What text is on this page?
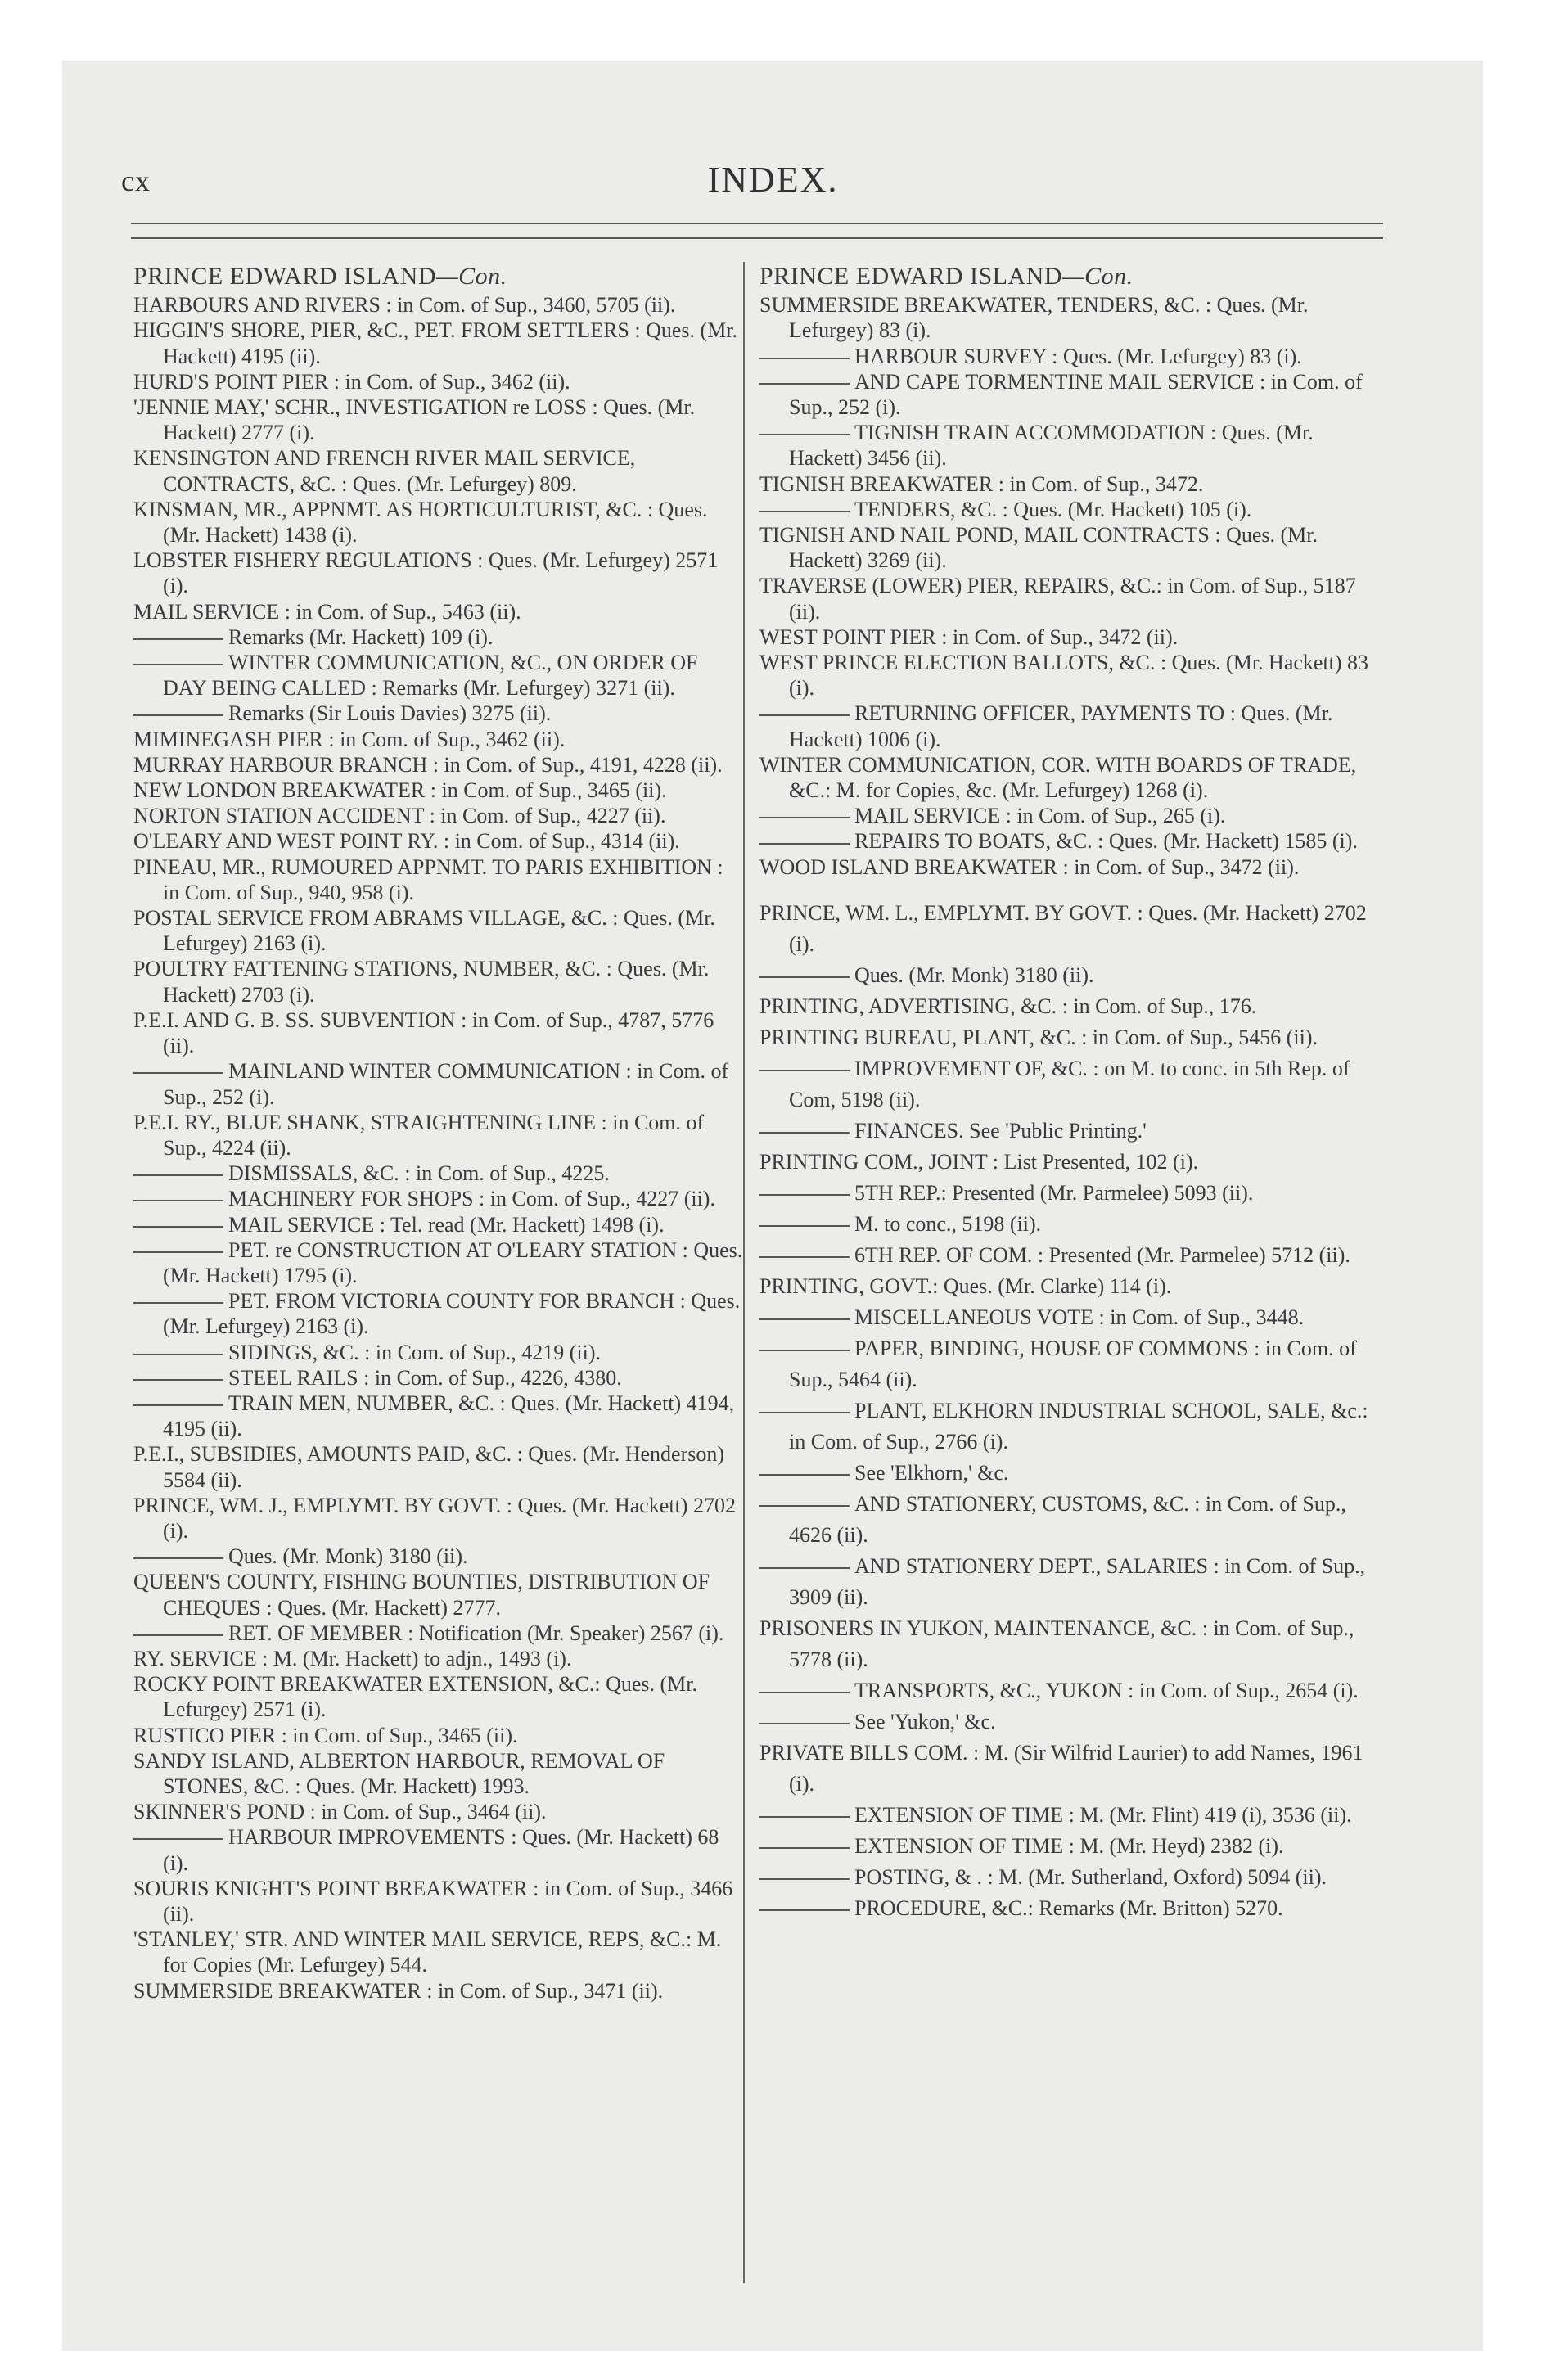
cx	INDEX.
PRINCE EDWARD ISLAND—Con.

HARBOURS AND RIVERS : in Com. of Sup., 3460, 5705 (ii).

HIGGIN'S SHORE, PIER, &C., PET. FROM SETTLERS : Ques. (Mr. Hackett) 4195 (ii).

HURD'S POINT PIER : in Com. of Sup., 3462 (ii).

'JENNIE MAY,' SCHR., INVESTIGATION re LOSS : Ques. (Mr. Hackett) 2777 (i).

KENSINGTON AND FRENCH RIVER MAIL SERVICE, CONTRACTS, &C. : Ques. (Mr. Lefurgey) 809.

KINSMAN, MR., APPNMT. AS HORTICULTURIST, &C. : Ques. (Mr. Hackett) 1438 (i).

LOBSTER FISHERY REGULATIONS : Ques. (Mr. Lefurgey) 2571 (i).

MAIL SERVICE : in Com. of Sup., 5463 (ii).

Remarks (Mr. Hackett) 109 (i).

WINTER COMMUNICATION, &C., ON ORDER OF DAY BEING CALLED : Remarks (Mr. Lefurgey) 3271 (ii).

Remarks (Sir Louis Davies) 3275 (ii).

MIMINEGASH PIER : in Com. of Sup., 3462 (ii).

MURRAY HARBOUR BRANCH : in Com. of Sup., 4191, 4228 (ii).

NEW LONDON BREAKWATER : in Com. of Sup., 3465 (ii).

NORTON STATION ACCIDENT : in Com. of Sup., 4227 (ii).

O'LEARY AND WEST POINT RY. : in Com. of Sup., 4314 (ii).

PINEAU, MR., RUMOURED APPNMT. TO PARIS EXHIBITION : in Com. of Sup., 940, 958 (i).

POSTAL SERVICE FROM ABRAMS VILLAGE, &C. : Ques. (Mr. Lefurgey) 2163 (i).

POULTRY FATTENING STATIONS, NUMBER, &C. : Ques. (Mr. Hackett) 2703 (i).

P.E.I. AND G. B. SS. SUBVENTION : in Com. of Sup., 4787, 5776 (ii).

MAINLAND WINTER COMMUNICATION : in Com. of Sup., 252 (i).

P.E.I. RY., BLUE SHANK, STRAIGHTENING LINE : in Com. of Sup., 4224 (ii).

DISMISSALS, &C. : in Com. of Sup., 4225.

MACHINERY FOR SHOPS : in Com. of Sup., 4227 (ii).

MAIL SERVICE : Tel. read (Mr. Hackett) 1498 (i).

PET. re CONSTRUCTION AT O'LEARY STATION : Ques. (Mr. Hackett) 1795 (i).

PET. FROM VICTORIA COUNTY FOR BRANCH : Ques. (Mr. Lefurgey) 2163 (i).

SIDINGS, &C. : in Com. of Sup., 4219 (ii).

STEEL RAILS : in Com. of Sup., 4226, 4380.

TRAIN MEN, NUMBER, &C. : Ques. (Mr. Hackett) 4194, 4195 (ii).

P.E.I., SUBSIDIES, AMOUNTS PAID, &C. : Ques. (Mr. Henderson) 5584 (ii).

PRINCE, WM. J., EMPLYMT. BY GOVT. : Ques. (Mr. Hackett) 2702 (i).

Ques. (Mr. Monk) 3180 (ii).

QUEEN'S COUNTY, FISHING BOUNTIES, DISTRIBUTION OF CHEQUES : Ques. (Mr. Hackett) 2777.

RET. OF MEMBER : Notification (Mr. Speaker) 2567 (i).

RY. SERVICE : M. (Mr. Hackett) to adjn., 1493 (i).

ROCKY POINT BREAKWATER EXTENSION, &C.: Ques. (Mr. Lefurgey) 2571 (i).

RUSTICO PIER : in Com. of Sup., 3465 (ii).

SANDY ISLAND, ALBERTON HARBOUR, REMOVAL OF STONES, &C. : Ques. (Mr. Hackett) 1993.

SKINNER'S POND : in Com. of Sup., 3464 (ii).

HARBOUR IMPROVEMENTS : Ques. (Mr. Hackett) 68 (i).

SOURIS KNIGHT'S POINT BREAKWATER : in Com. of Sup., 3466 (ii).

'STANLEY,' STR. AND WINTER MAIL SERVICE, REPS, &C.: M. for Copies (Mr. Lefurgey) 544.

SUMMERSIDE BREAKWATER : in Com. of Sup., 3471 (ii).

PRINCE EDWARD ISLAND—Con.

SUMMERSIDE BREAKWATER, TENDERS, &C. : Ques. (Mr. Lefurgey) 83 (i).

HARBOUR SURVEY : Ques. (Mr. Lefurgey) 83 (i).

AND CAPE TORMENTINE MAIL SERVICE : in Com. of Sup., 252 (i).

TIGNISH TRAIN ACCOMMODATION : Ques. (Mr. Hackett) 3456 (ii).

TIGNISH BREAKWATER : in Com. of Sup., 3472.

TENDERS, &C. : Ques. (Mr. Hackett) 105 (i).

TIGNISH AND NAIL POND, MAIL CONTRACTS : Ques. (Mr. Hackett) 3269 (ii).

TRAVERSE (LOWER) PIER, REPAIRS, &C.: in Com. of Sup., 5187 (ii).

WEST POINT PIER : in Com. of Sup., 3472 (ii).

WEST PRINCE ELECTION BALLOTS, &C. : Ques. (Mr. Hackett) 83 (i).

RETURNING OFFICER, PAYMENTS TO : Ques. (Mr. Hackett) 1006 (i).

WINTER COMMUNICATION, COR. WITH BOARDS OF TRADE, &C.: M. for Copies, &c. (Mr. Lefurgey) 1268 (i).

MAIL SERVICE : in Com. of Sup., 265 (i).

REPAIRS TO BOATS, &C. : Ques. (Mr. Hackett) 1585 (i).

WOOD ISLAND BREAKWATER : in Com. of Sup., 3472 (ii).

PRINCE, WM. L., EMPLYMT. BY GOVT. : Ques. (Mr. Hackett) 2702 (i).

Ques. (Mr. Monk) 3180 (ii).

PRINTING, ADVERTISING, &C. : in Com. of Sup., 176.

PRINTING BUREAU, PLANT, &C. : in Com. of Sup., 5456 (ii).

IMPROVEMENT OF, &C. : on M. to conc. in 5th Rep. of Com, 5198 (ii).

FINANCES. See 'Public Printing.'

PRINTING COM., JOINT : List Presented, 102 (i).

5TH REP.: Presented (Mr. Parmelee) 5093 (ii).

M. to conc., 5198 (ii).

6TH REP. OF COM. : Presented (Mr. Parmelee) 5712 (ii).

PRINTING, GOVT.: Ques. (Mr. Clarke) 114 (i).

MISCELLANEOUS VOTE : in Com. of Sup., 3448.

PAPER, BINDING, HOUSE OF COMMONS : in Com. of Sup., 5464 (ii).

PLANT, ELKHORN INDUSTRIAL SCHOOL, SALE, &c.: in Com. of Sup., 2766 (i).

See 'Elkhorn,' &c.

AND STATIONERY, CUSTOMS, &C. : in Com. of Sup., 4626 (ii).

AND STATIONERY DEPT., SALARIES : in Com. of Sup., 3909 (ii).

PRISONERS IN YUKON, MAINTENANCE, &C. : in Com. of Sup., 5778 (ii).

TRANSPORTS, &C., YUKON : in Com. of Sup., 2654 (i).

See 'Yukon,' &c.

PRIVATE BILLS COM. : M. (Sir Wilfrid Laurier) to add Names, 1961 (i).

EXTENSION OF TIME : M. (Mr. Flint) 419 (i), 3536 (ii).

EXTENSION OF TIME : M. (Mr. Heyd) 2382 (i).

POSTING, & . : M. (Mr. Sutherland, Oxford) 5094 (ii).

PROCEDURE, &C.: Remarks (Mr. Britton) 5270.
